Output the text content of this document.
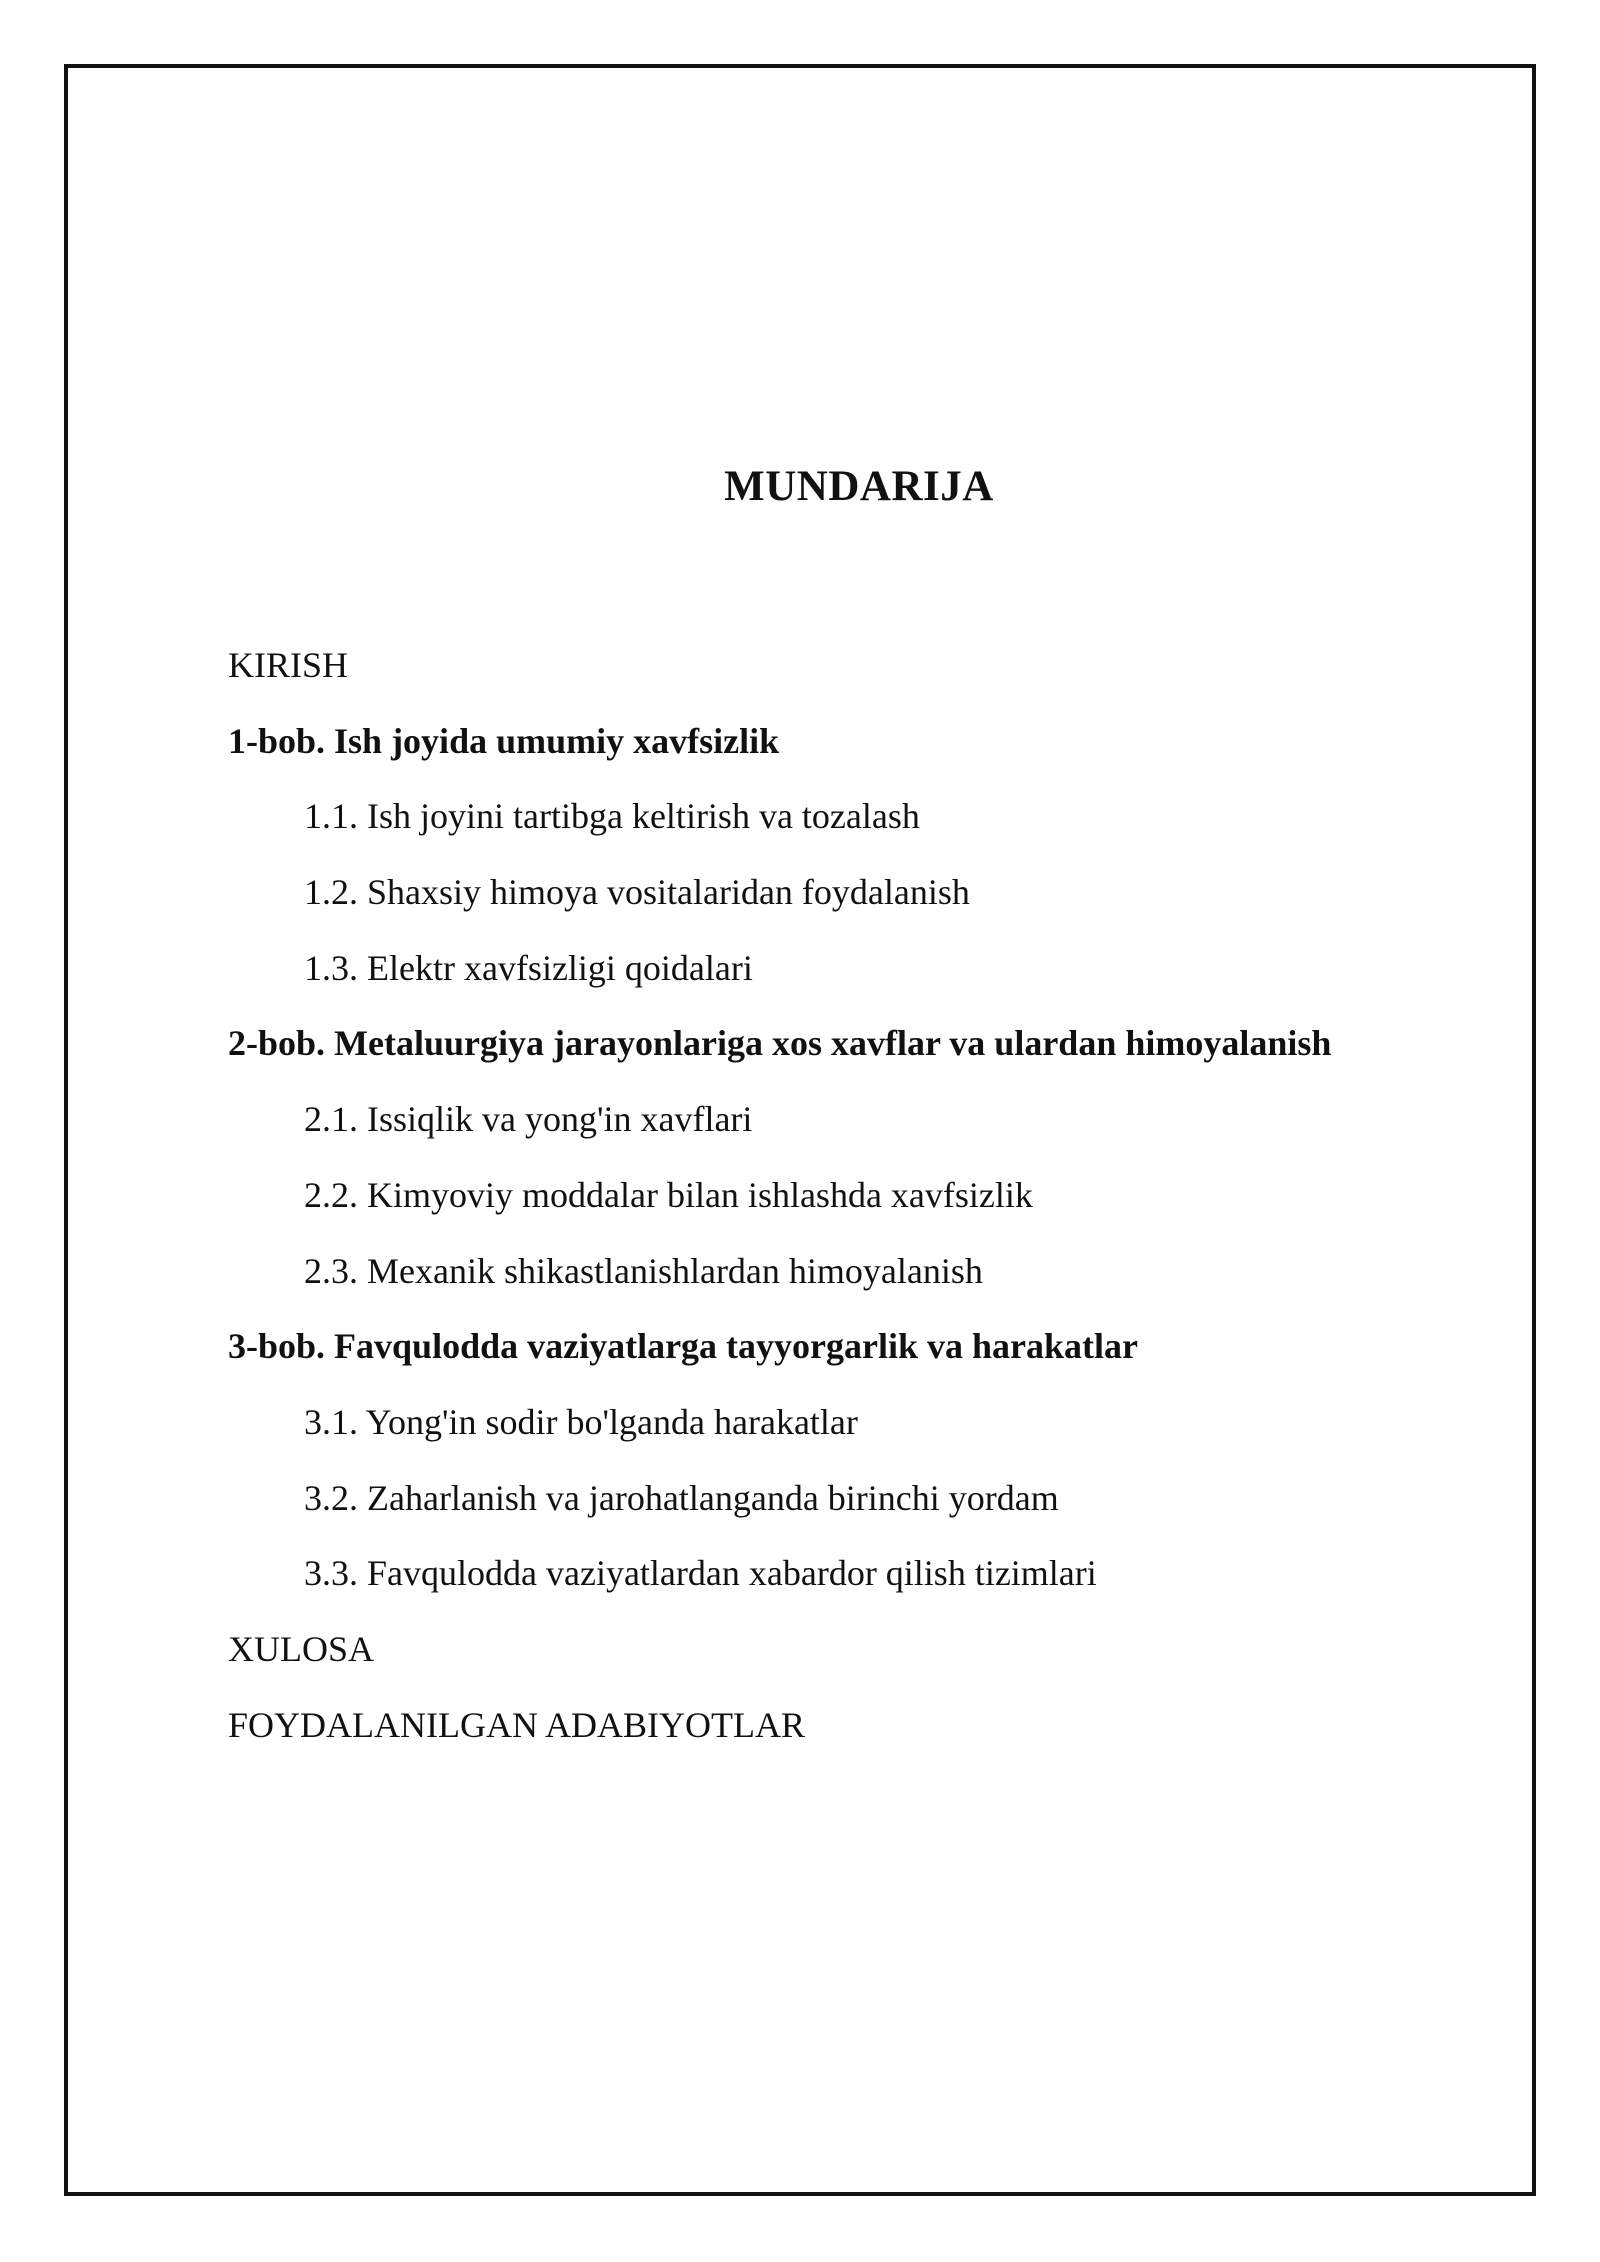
MUNDARIJA
KIRISH
1-bob. Ish joyida umumiy xavfsizlik
1.1. Ish joyini tartibga keltirish va tozalash
1.2. Shaxsiy himoya vositalaridan foydalanish
1.3. Elektr xavfsizligi qoidalari
2-bob. Metaluurgiya jarayonlariga xos xavflar va ulardan himoyalanish
2.1. Issiqlik va yong'in xavflari
2.2. Kimyoviy moddalar bilan ishlashda xavfsizlik
2.3. Mexanik shikastlanishlardan himoyalanish
3-bob. Favqulodda vaziyatlarga tayyorgarlik va harakatlar
3.1. Yong'in sodir bo'lganda harakatlar
3.2. Zaharlanish va jarohatlanganda birinchi yordam
3.3. Favqulodda vaziyatlardan xabardor qilish tizimlari
XULOSA
FOYDALANILGAN ADABIYOTLAR
